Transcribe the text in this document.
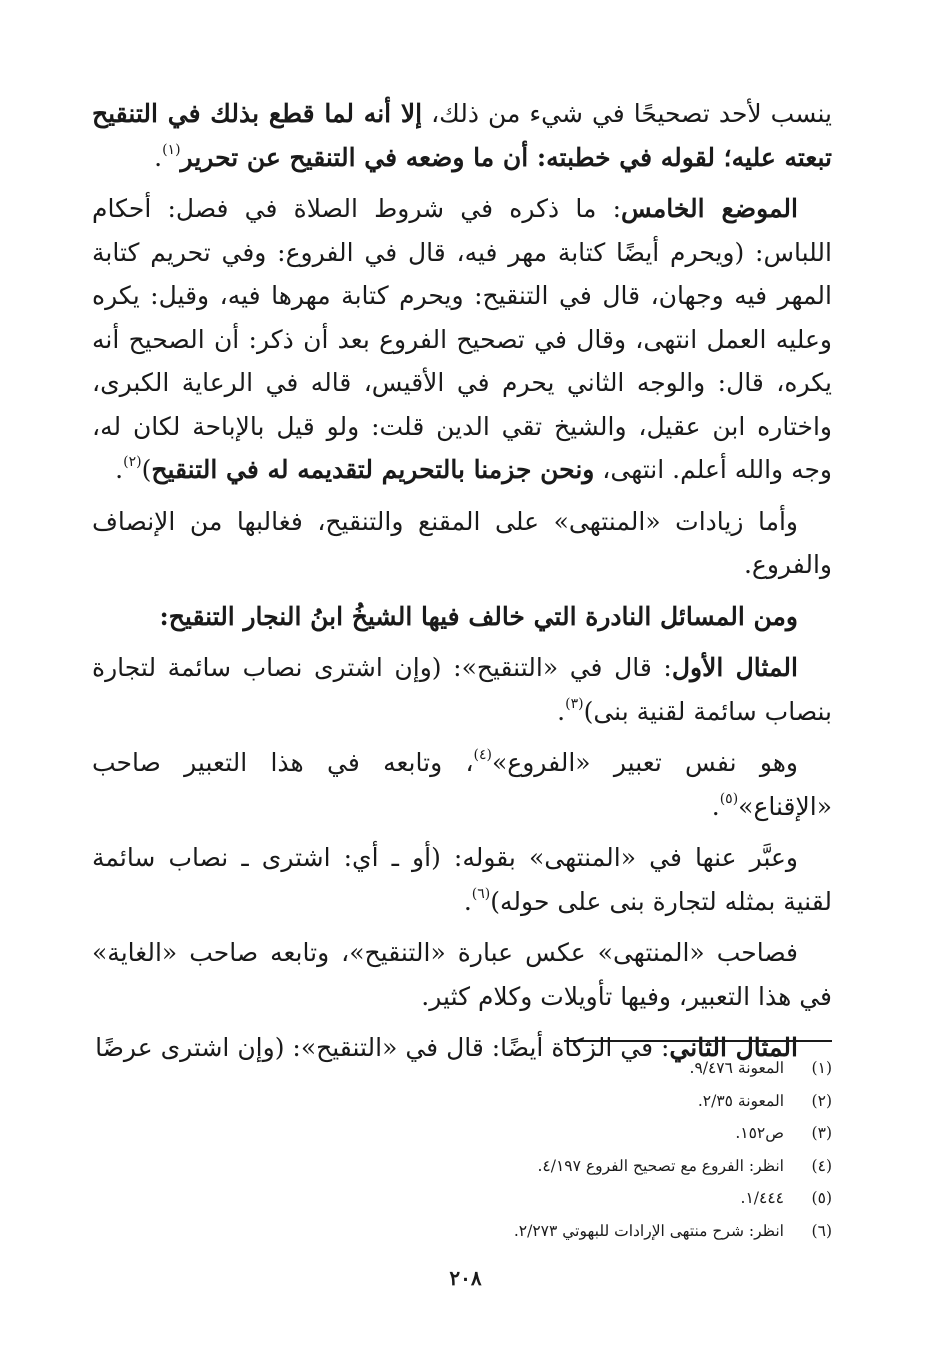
ينسب لأحد تصحيحًا في شيء من ذلك، إلا أنه لما قطع بذلك في التنقيح تبعته عليه؛ لقوله في خطبته: أن ما وضعه في التنقيح عن تحرير$^{(١)}$.

الموضع الخامس: ما ذكره في شروط الصلاة في فصل: أحكام اللباس: (ويحرم أيضًا كتابة مهر فيه، قال في الفروع: وفي تحريم كتابة المهر فيه وجهان، قال في التنقيح: ويحرم كتابة مهرها فيه، وقيل: يكره وعليه العمل انتهى، وقال في تصحيح الفروع بعد أن ذكر: أن الصحيح أنه يكره، قال: والوجه الثاني يحرم في الأقيس، قاله في الرعاية الكبرى، واختاره ابن عقيل، والشيخ تقي الدين قلت: ولو قيل بالإباحة لكان له، وجه والله أعلم. انتهى، ونحن جزمنا بالتحريم لتقديمه له في التنقيح)$^{(٢)}$.

وأما زيادات «المنتهى» على المقنع والتنقيح، فغالبها من الإنصاف والفروع.

ومن المسائل النادرة التي خالف فيها الشيخُ ابنُ النجار التنقيح:

المثال الأول: قال في «التنقيح»: (وإن اشترى نصاب سائمة لتجارة بنصاب سائمة لقنية بنى)$^{(٣)}$.

وهو نفس تعبير «الفروع»$^{(٤)}$، وتابعه في هذا التعبير صاحب «الإقناع»$^{(٥)}$.

وعبَّر عنها في «المنتهى» بقوله: (أو ـ أي: اشترى ـ نصاب سائمة لقنية بمثله لتجارة بنى على حوله)$^{(٦)}$.

فصاحب «المنتهى» عكس عبارة «التنقيح»، وتابعه صاحب «الغاية» في هذا التعبير، وفيها تأويلات وكلام كثير.

المثال الثاني: في الزكاة أيضًا: قال في «التنقيح»: (وإن اشترى عرضًا

(١)
المعونة ٩/٤٧٦.
(٢)
المعونة ٢/٣٥.
(٣)
ص١٥٢.
(٤)
انظر: الفروع مع تصحيح الفروع ٤/١٩٧.
(٥)
١/٤٤٤.
(٦)
انظر: شرح منتهى الإرادات للبهوتي ٢/٢٧٣.
٢٠٨
